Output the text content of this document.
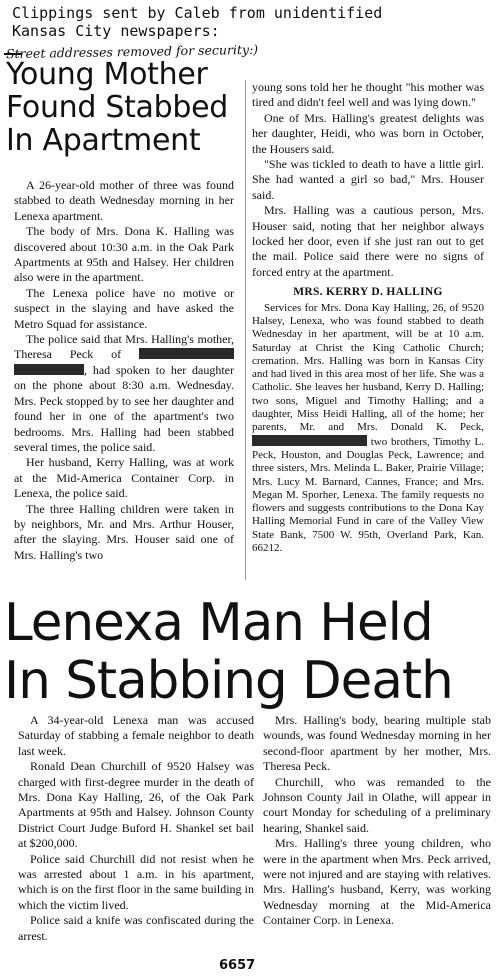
Clippings sent by Caleb from unidentified
Kansas City newspapers:
Street addresses removed for security:)
Young Mother
Found Stabbed
In Apartment

A 26-year-old mother of three was found stabbed to death Wednesday morning in her Lenexa apartment.

The body of Mrs. Dona K. Halling was discovered about 10:30 a.m. in the Oak Park Apartments at 95th and Halsey. Her children also were in the apartment.

The Lenexa police have no motive or suspect in the slaying and have asked the Metro Squad for assistance.

The police said that Mrs. Halling's mother, Theresa Peck of  , had spoken to her daughter on the phone about 8:30 a.m. Wednesday. Mrs. Peck stopped by to see her daughter and found her in one of the apartment's two bedrooms. Mrs. Halling had been stabbed several times, the police said.

Her husband, Kerry Halling, was at work at the Mid-America Container Corp. in Lenexa, the police said.

The three Halling children were taken in by neighbors, Mr. and Mrs. Arthur Houser, after the slaying. Mrs. Houser said one of Mrs. Halling's two

young sons told her he thought "his mother was tired and didn't feel well and was lying down."

One of Mrs. Halling's greatest delights was her daughter, Heidi, who was born in October, the Housers said.

"She was tickled to death to have a little girl. She had wanted a girl so bad," Mrs. Houser said.

Mrs. Halling was a cautious person, Mrs. Houser said, noting that her neighbor always locked her door, even if she just ran out to get the mail. Police said there were no signs of forced entry at the apartment.

MRS. KERRY D. HALLING

Services for Mrs. Dona Kay Halling, 26, of 9520 Halsey, Lenexa, who was found stabbed to death Wednesday in her apartment, will be at 10 a.m. Saturday at Christ the King Catholic Church; cremation. Mrs. Halling was born in Kansas City and had lived in this area most of her life. She was a Catholic. She leaves her husband, Kerry D. Halling; two sons, Miguel and Timothy Halling; and a daughter, Miss Heidi Halling, all of the home; her parents, Mr. and Mrs. Donald K. Peck,  two brothers, Timothy L. Peck, Houston, and Douglas Peck, Lawrence; and three sisters, Mrs. Melinda L. Baker, Prairie Village; Mrs. Lucy M. Barnard, Cannes, France; and Mrs. Megan M. Sporher, Lenexa. The family requests no flowers and suggests contributions to the Dona Kay Halling Memorial Fund in care of the Valley View State Bank, 7500 W. 95th, Overland Park, Kan. 66212.

Lenexa Man Held
In Stabbing Death

A 34-year-old Lenexa man was accused Saturday of stabbing a female neighbor to death last week.

Ronald Dean Churchill of 9520 Halsey was charged with first-degree murder in the death of Mrs. Dona Kay Halling, 26, of the Oak Park Apartments at 95th and Halsey. Johnson County District Court Judge Buford H. Shankel set bail at $200,000.

Police said Churchill did not resist when he was arrested about 1 a.m. in his apartment, which is on the first floor in the same building in which the victim lived.

Police said a knife was confiscated during the arrest.

Mrs. Halling's body, bearing multiple stab wounds, was found Wednesday morning in her second-floor apartment by her mother, Mrs. Theresa Peck.

Churchill, who was remanded to the Johnson County Jail in Olathe, will appear in court Monday for scheduling of a preliminary hearing, Shankel said.

Mrs. Halling's three young children, who were in the apartment when Mrs. Peck arrived, were not injured and are staying with relatives. Mrs. Halling's husband, Kerry, was working Wednesday morning at the Mid-America Container Corp. in Lenexa.

6657
